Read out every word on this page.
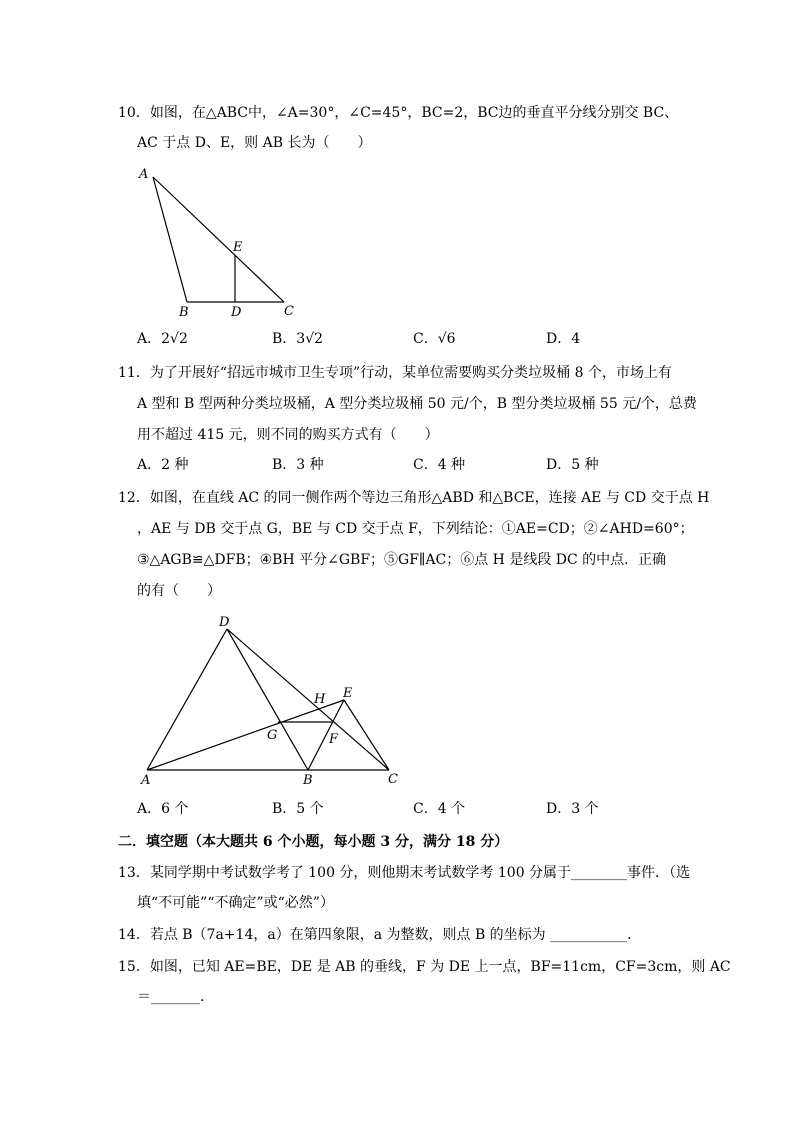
10．如图，在△ABC中，∠A=30°，∠C=45°，BC=2，BC边的垂直平分线分别交 BC、
AC 于点 D、E，则 AB 长为（　　）
A
B	D	C
E
A．2√2	B．3√2	C．√6	D．4
11．为了开展好“招远市城市卫生专项”行动，某单位需要购买分类垃圾桶 8 个，市场上有
A 型和 B 型两种分类垃圾桶，A 型分类垃圾桶 50 元/个，B 型分类垃圾桶 55 元/个，总费
用不超过 415 元，则不同的购买方式有（　　）
A．2 种	B．3 种	C．4 种	D．5 种
12．如图，在直线 AC 的同一侧作两个等边三角形△ABD 和△BCE，连接 AE 与 CD 交于点 H
，AE 与 DB 交于点 G，BE 与 CD 交于点 F，下列结论：①AE=CD；②∠AHD=60°；
③△AGB≌△DFB；④BH 平分∠GBF；⑤GF∥AC；⑥点 H 是线段 DC 的中点．正确
的有（　　）
D
A	B	C
E
H
G	F
A．6 个	B．5 个	C．4 个	D．3 个
二．填空题（本大题共 6 个小题，每小题 3 分，满分 18 分）
13．某同学期中考试数学考了 100 分，则他期末考试数学考 100 分属于________事件．（选
填“不可能”“不确定”或“必然”）
14．若点 B（7a+14，a）在第四象限，a 为整数，则点 B 的坐标为 ___________．
15．如图，已知 AE=BE，DE 是 AB 的垂线，F 为 DE 上一点，BF=11cm，CF=3cm，则 AC
＝_______．
